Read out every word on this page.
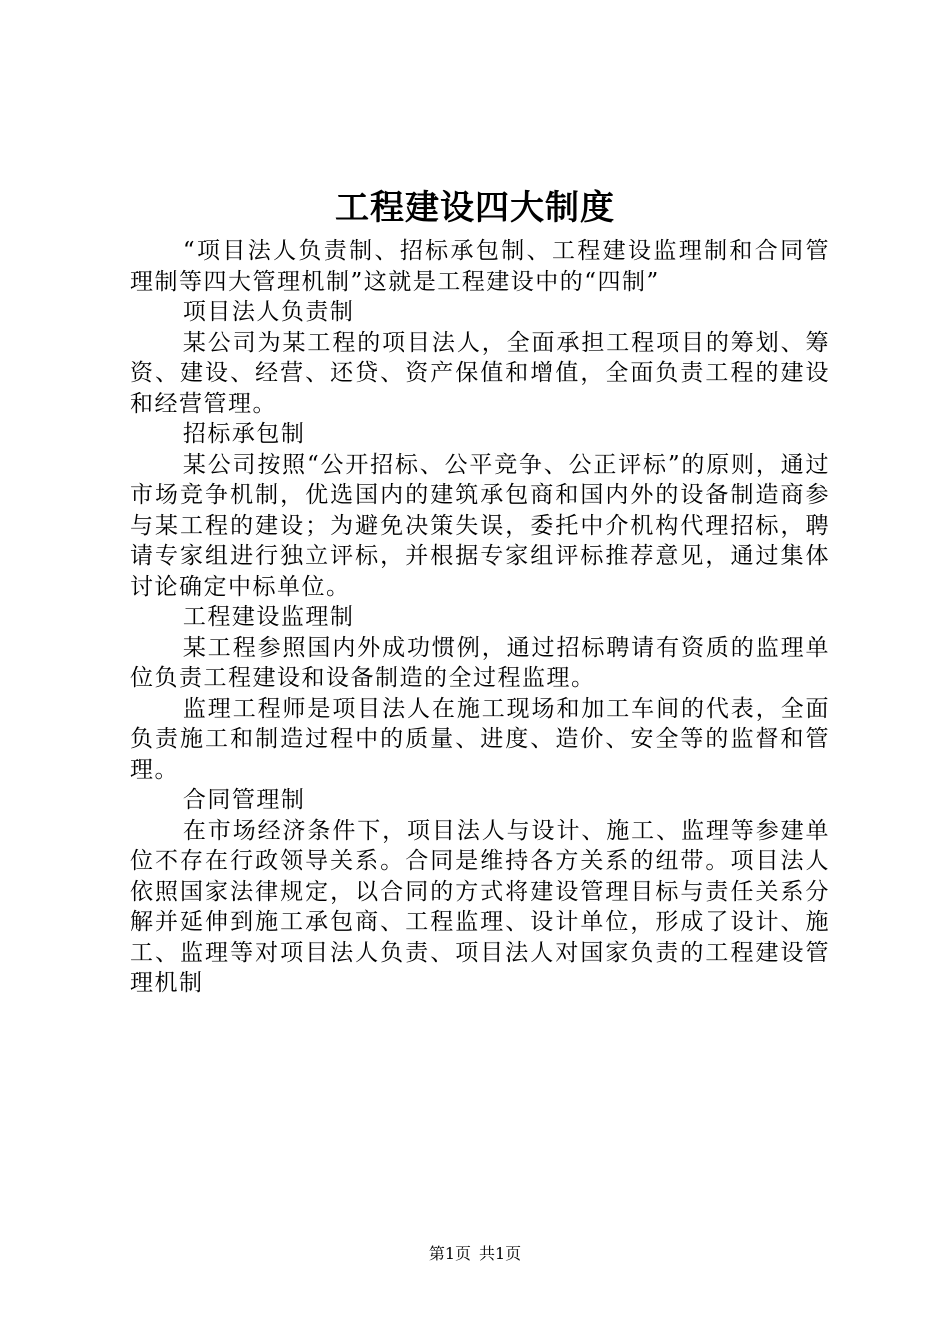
工程建设四大制度

“项目法人负责制、招标承包制、工程建设监理制和合同管理制等四大管理机制”这就是工程建设中的“四制”

项目法人负责制

某公司为某工程的项目法人，全面承担工程项目的筹划、筹资、建设、经营、还贷、资产保值和增值，全面负责工程的建设和经营管理。

招标承包制

某公司按照“公开招标、公平竞争、公正评标”的原则，通过市场竞争机制，优选国内的建筑承包商和国内外的设备制造商参与某工程的建设；为避免决策失误，委托中介机构代理招标，聘请专家组进行独立评标，并根据专家组评标推荐意见，通过集体讨论确定中标单位。

工程建设监理制

某工程参照国内外成功惯例，通过招标聘请有资质的监理单位负责工程建设和设备制造的全过程监理。

监理工程师是项目法人在施工现场和加工车间的代表，全面负责施工和制造过程中的质量、进度、造价、安全等的监督和管理。

合同管理制

在市场经济条件下，项目法人与设计、施工、监理等参建单位不存在行政领导关系。合同是维持各方关系的纽带。项目法人依照国家法律规定，以合同的方式将建设管理目标与责任关系分解并延伸到施工承包商、工程监理、设计单位，形成了设计、施工、监理等对项目法人负责、项目法人对国家负责的工程建设管理机制

第1页 共1页
